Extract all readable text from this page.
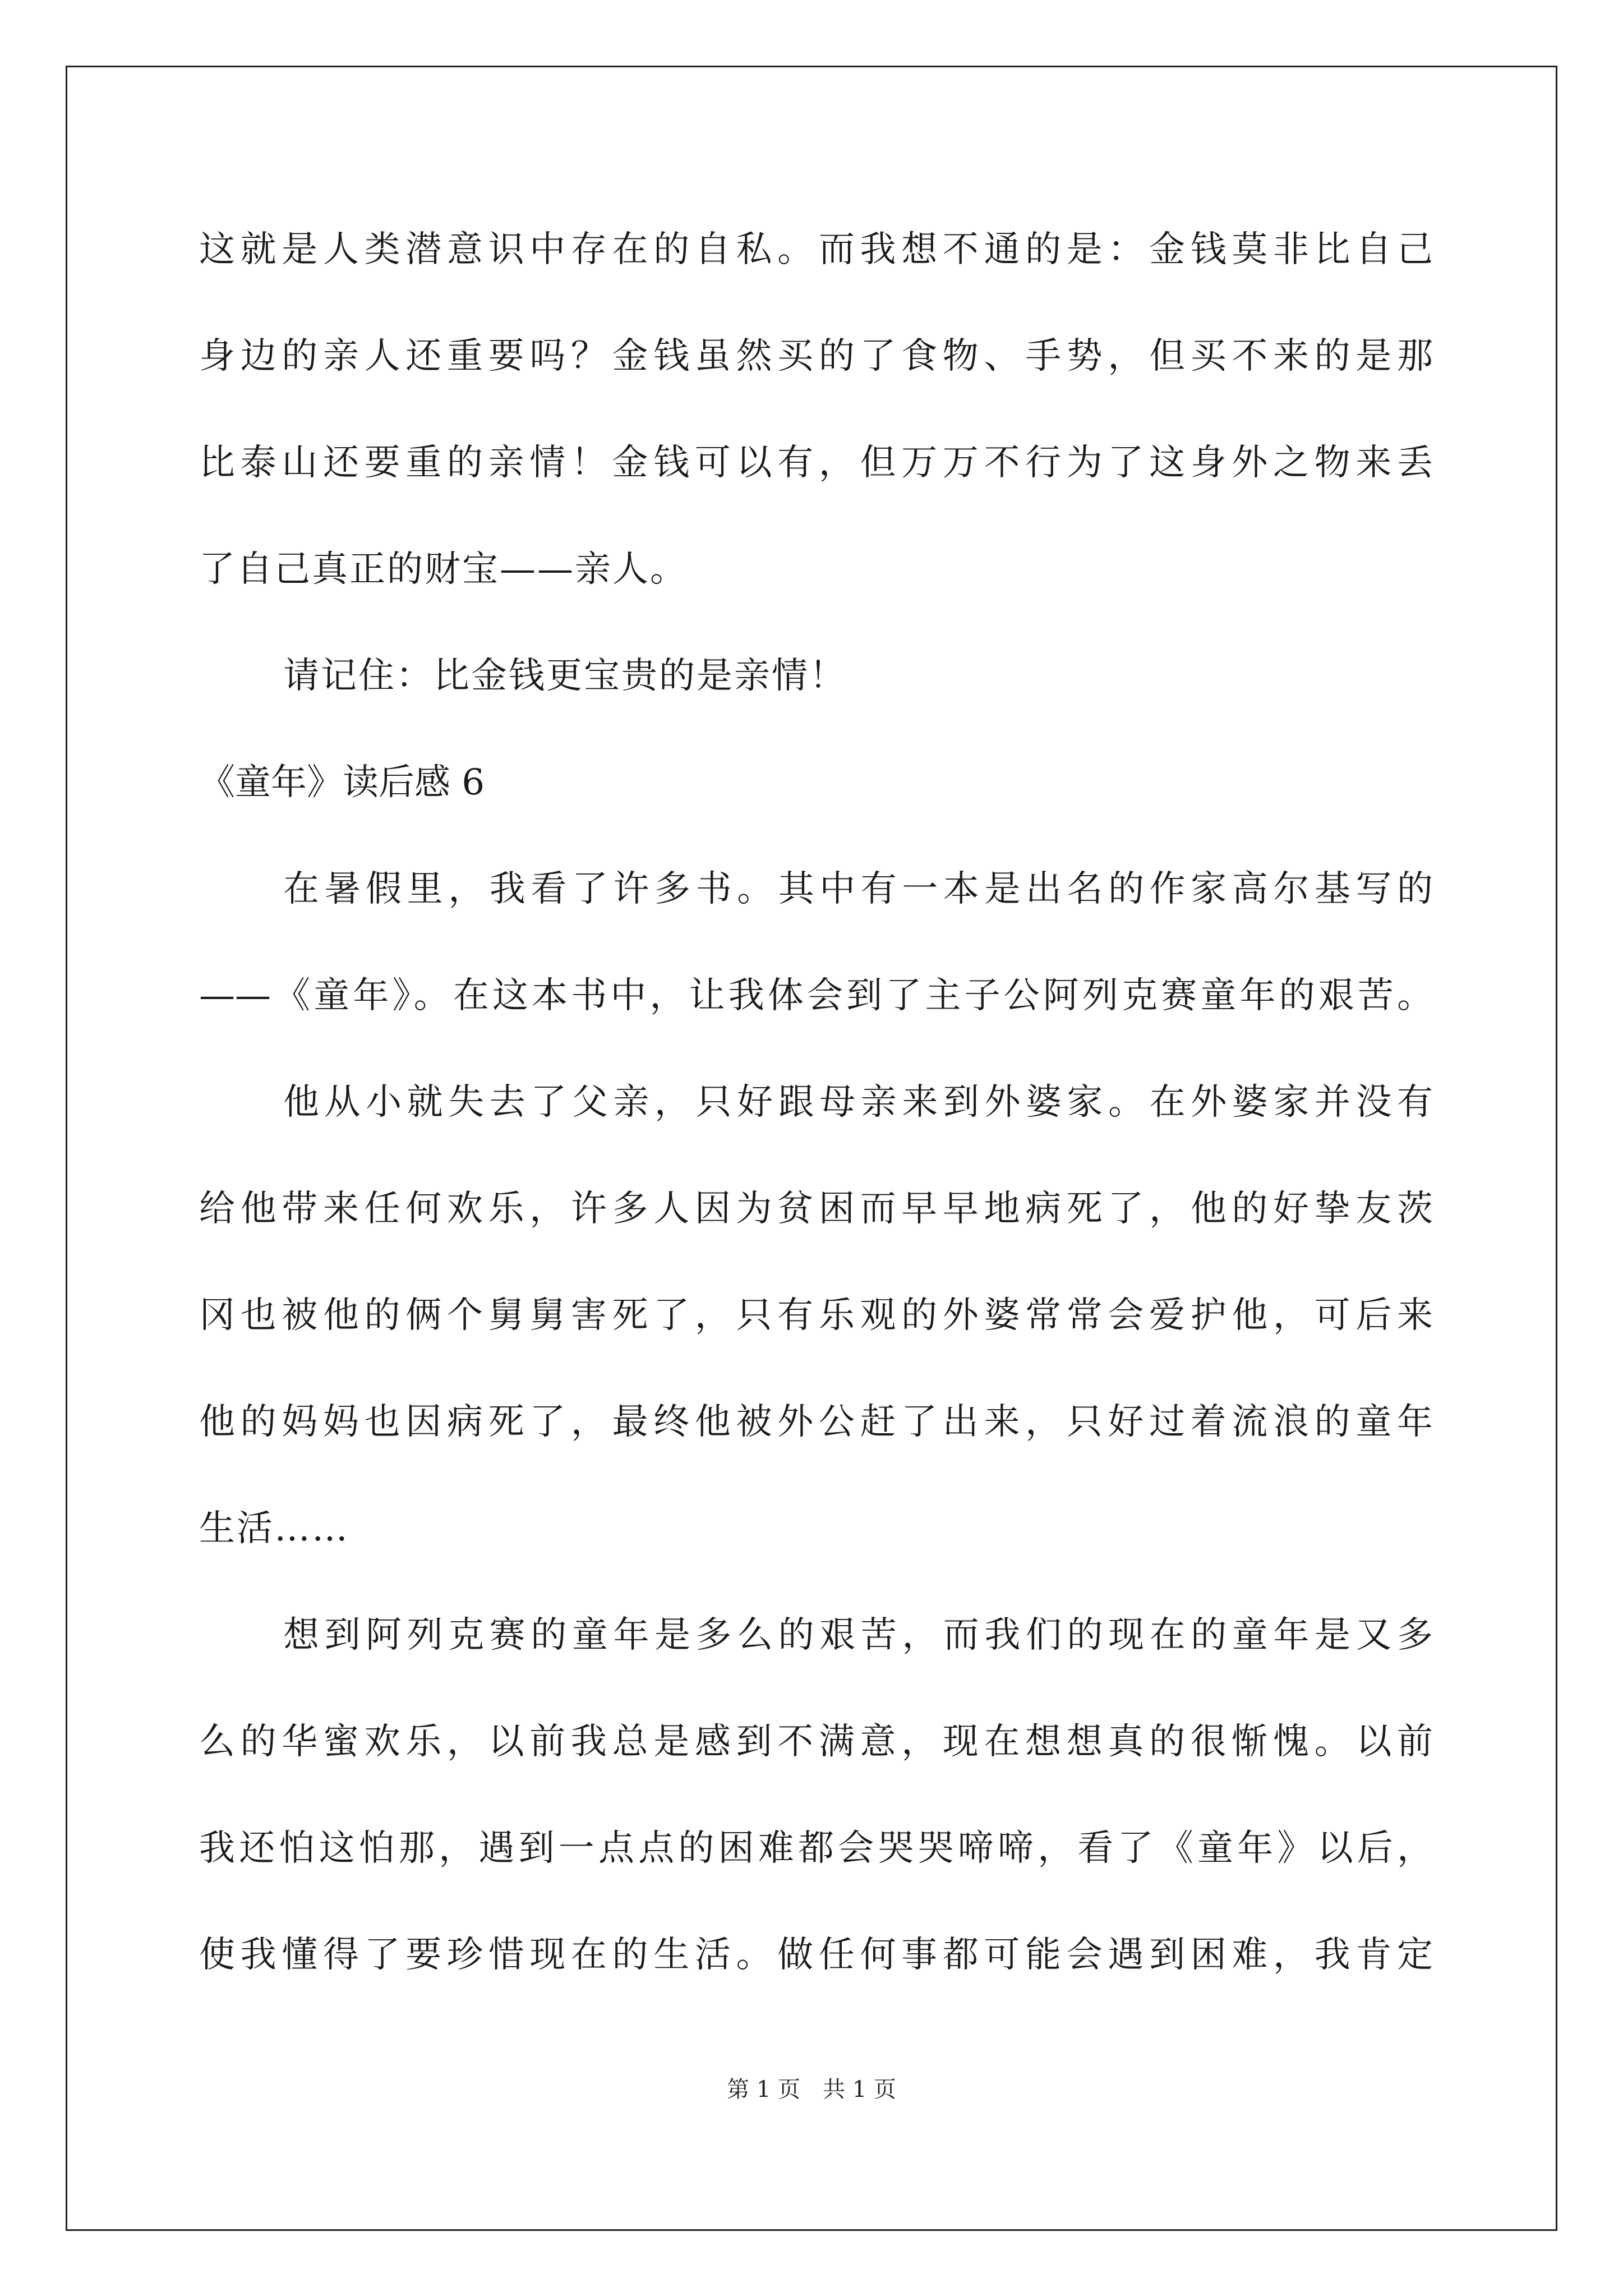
这就是人类潜意识中存在的自私。而我想不通的是：金钱莫非比自己
身边的亲人还重要吗？金钱虽然买的了食物、手势，但买不来的是那
比泰山还要重的亲情！金钱可以有，但万万不行为了这身外之物来丢
了自己真正的财宝——亲人。
请记住：比金钱更宝贵的是亲情！
《童年》读后感 6
在暑假里，我看了许多书。其中有一本是出名的作家高尔基写的
——《童年》。在这本书中，让我体会到了主子公阿列克赛童年的艰苦。
他从小就失去了父亲，只好跟母亲来到外婆家。在外婆家并没有
给他带来任何欢乐，许多人因为贫困而早早地病死了，他的好挚友茨
冈也被他的俩个舅舅害死了，只有乐观的外婆常常会爱护他，可后来
他的妈妈也因病死了，最终他被外公赶了出来，只好过着流浪的童年
生活……
想到阿列克赛的童年是多么的艰苦，而我们的现在的童年是又多
么的华蜜欢乐，以前我总是感到不满意，现在想想真的很惭愧。以前
我还怕这怕那，遇到一点点的困难都会哭哭啼啼，看了《童年》以后，
使我懂得了要珍惜现在的生活。做任何事都可能会遇到困难，我肯定
第 1 页　共 1 页
